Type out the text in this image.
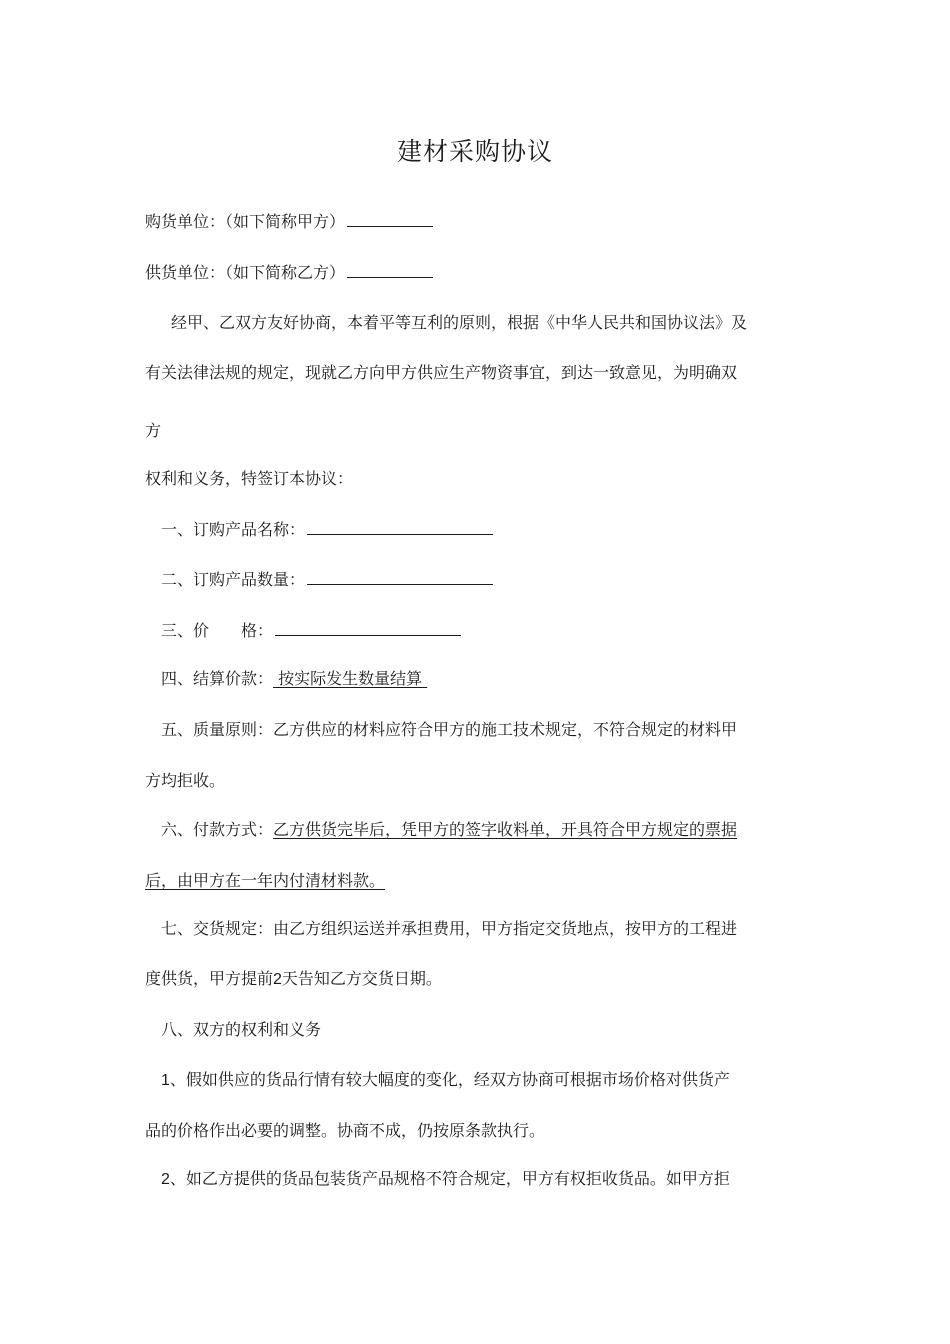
建材采购协议
购货单位：（如下简称甲方）
供货单位：（如下简称乙方）
经甲、乙双方友好协商，本着平等互利的原则，根据《中华人民共和国协议法》及
有关法律法规的规定，现就乙方向甲方供应生产物资事宜，到达一致意见，为明确双
方
权利和义务，特签订本协议：
一、订购产品名称：
二、订购产品数量：
三、价　　格：
四、结算价款： 按实际发生数量结算
五、质量原则：乙方供应的材料应符合甲方的施工技术规定，不符合规定的材料甲
方均拒收。
六、付款方式：乙方供货完毕后，凭甲方的签字收料单，开具符合甲方规定的票据
后，由甲方在一年内付清材料款。
七、交货规定：由乙方组织运送并承担费用，甲方指定交货地点，按甲方的工程进
度供货，甲方提前2天告知乙方交货日期。
八、双方的权利和义务
1、假如供应的货品行情有较大幅度的变化，经双方协商可根据市场价格对供货产
品的价格作出必要的调整。协商不成，仍按原条款执行。
2、如乙方提供的货品包装货产品规格不符合规定，甲方有权拒收货品。如甲方拒
